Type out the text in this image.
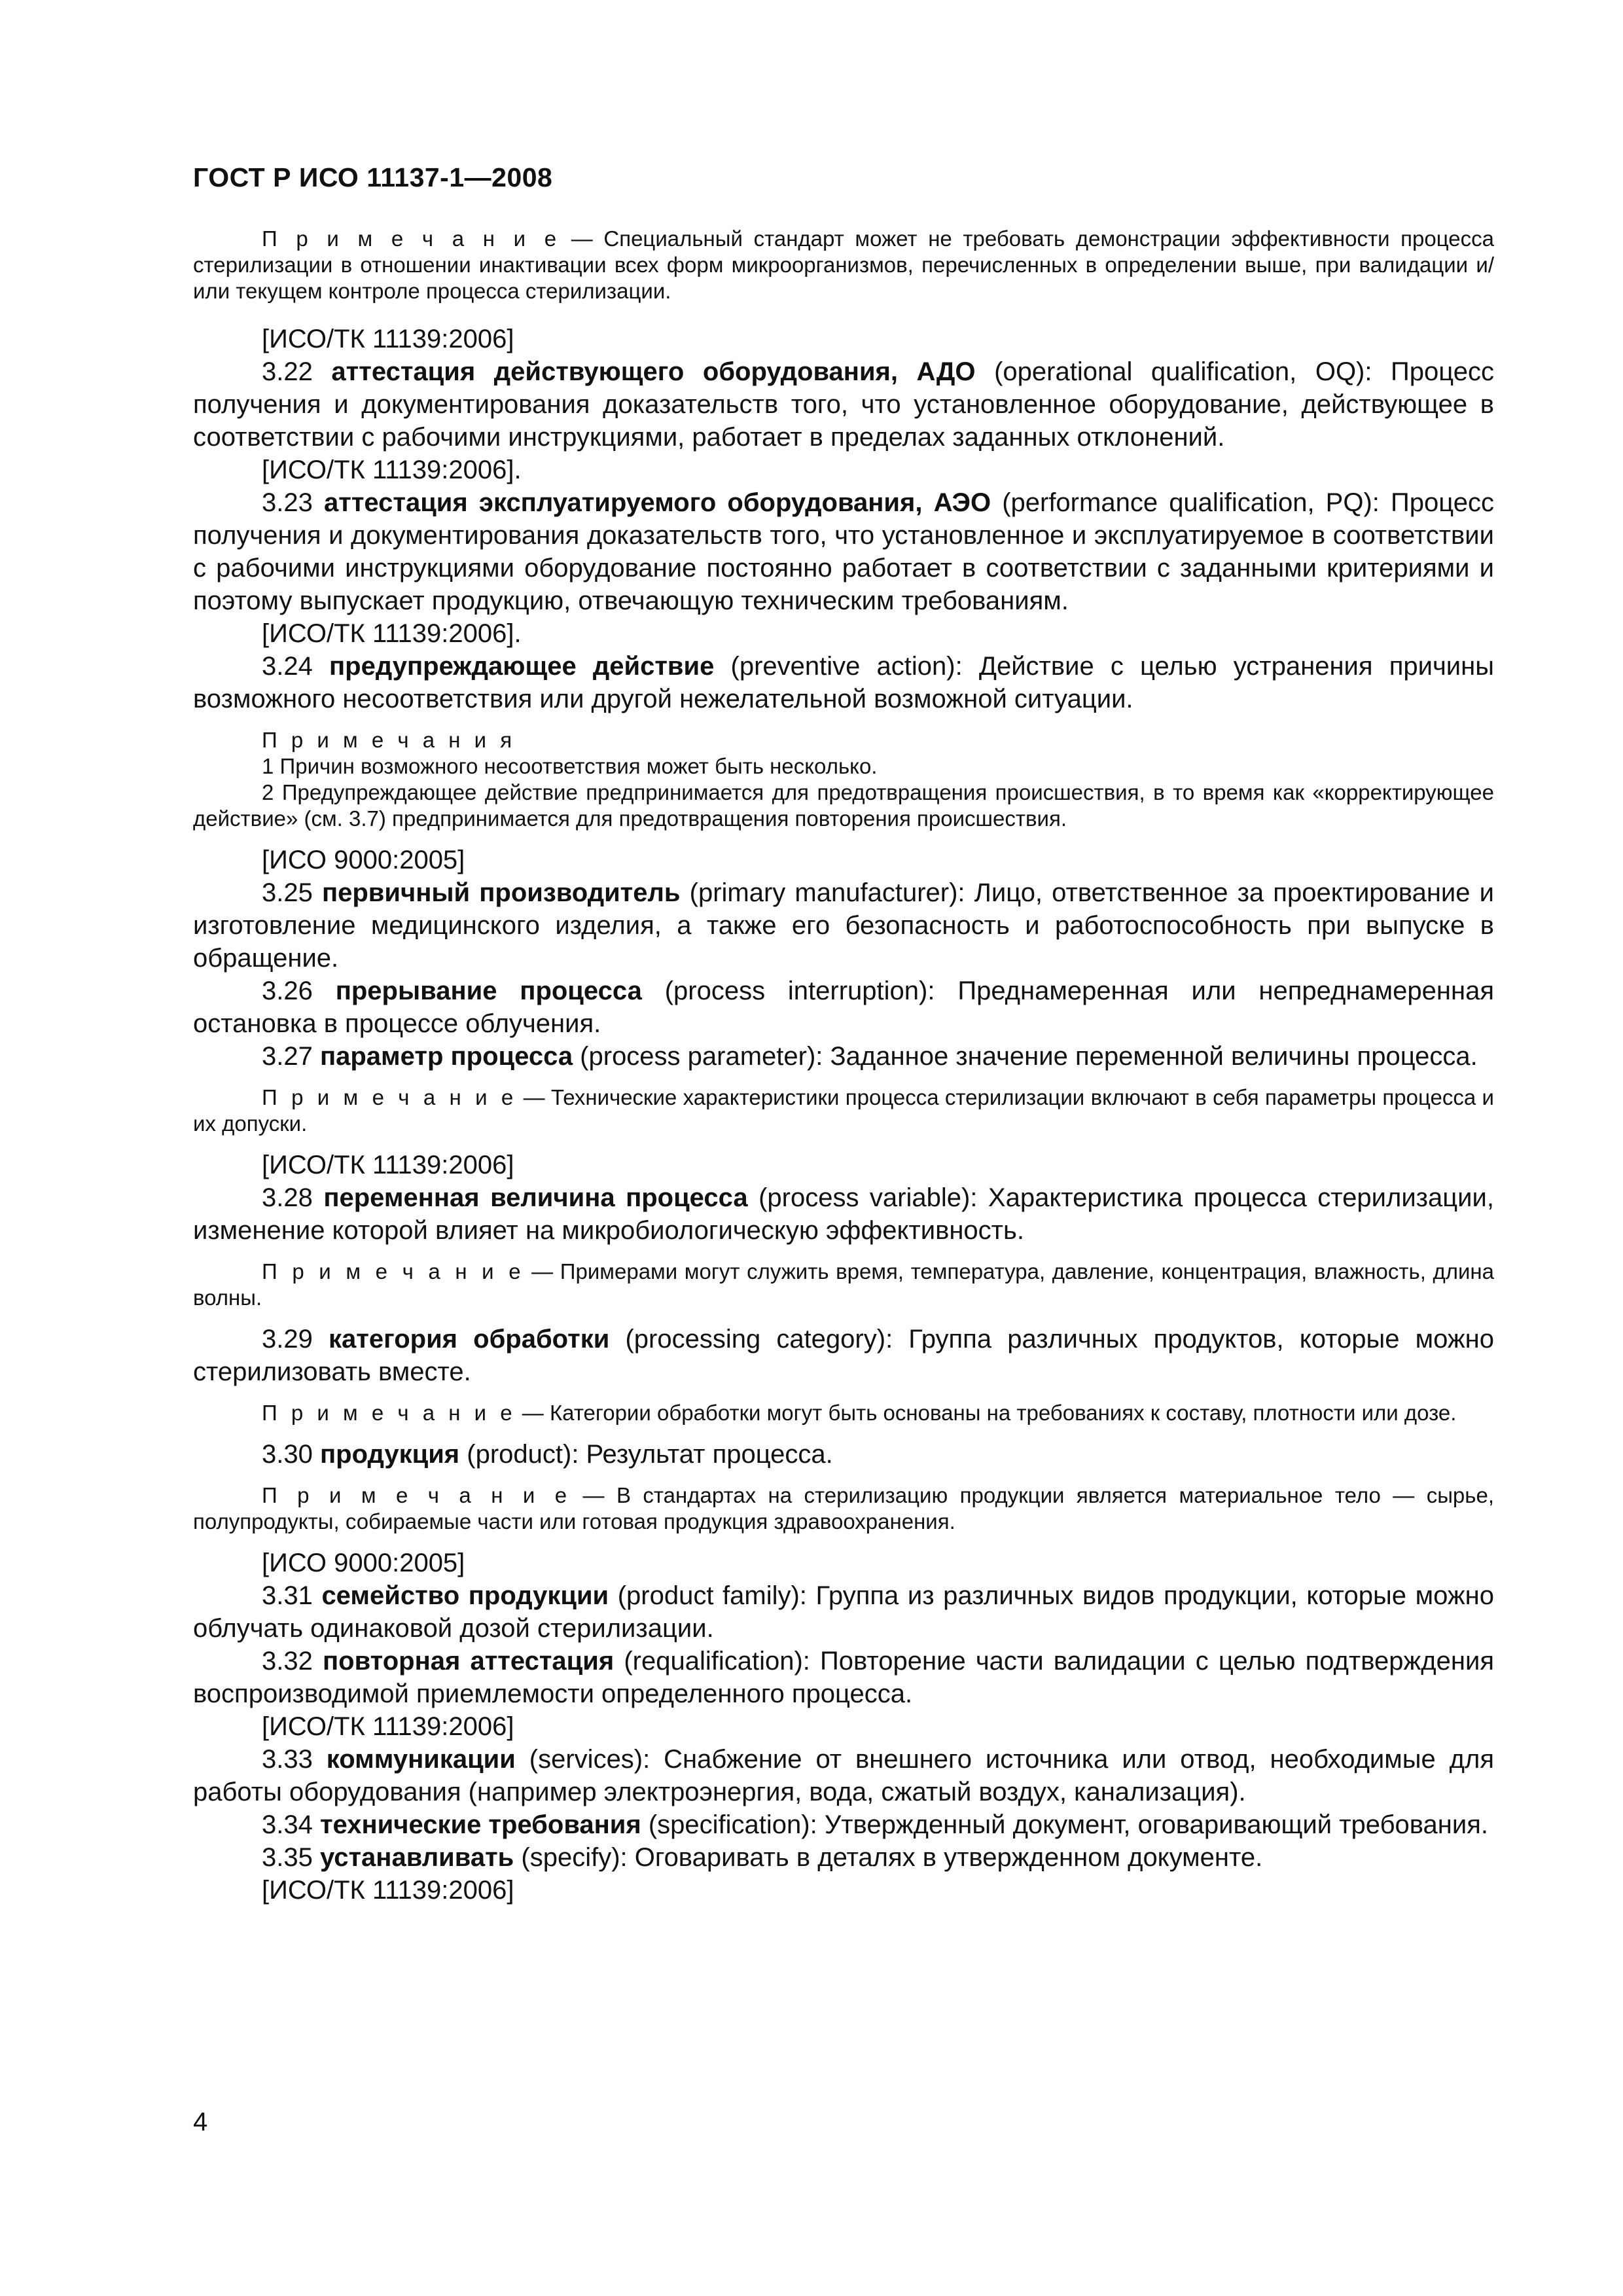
ГОСТ Р ИСО 11137-1—2008

П р и м е ч а н и е — Специальный стандарт может не требовать демонстрации эффективности процесса стерилизации в отношении инактивации всех форм микроорганизмов, перечисленных в определении выше, при валидации и/или текущем контроле процесса стерилизации.

[ИСО/ТК 11139:2006]

3.22 аттестация действующего оборудования, АДО (operational qualification, OQ): Процесс получения и документирования доказательств того, что установленное оборудование, действующее в соответствии с рабочими инструкциями, работает в пределах заданных отклонений.

[ИСО/ТК 11139:2006].

3.23 аттестация эксплуатируемого оборудования, АЭО (performance qualification, PQ): Процесс получения и документирования доказательств того, что установленное и эксплуатируемое в соответствии с рабочими инструкциями оборудование постоянно работает в соответствии с заданными критериями и поэтому выпускает продукцию, отвечающую техническим требованиям.

[ИСО/ТК 11139:2006].

3.24 предупреждающее действие (preventive action): Действие с целью устранения причины возможного несоответствия или другой нежелательной возможной ситуации.

П р и м е ч а н и я

1 Причин возможного несоответствия может быть несколько.

2 Предупреждающее действие предпринимается для предотвращения происшествия, в то время как «корректирующее действие» (см. 3.7) предпринимается для предотвращения повторения происшествия.

[ИСО 9000:2005]

3.25 первичный производитель (primary manufacturer): Лицо, ответственное за проектирование и изготовление медицинского изделия, а также его безопасность и работоспособность при выпуске в обращение.

3.26 прерывание процесса (process interruption): Преднамеренная или непреднамеренная остановка в процессе облучения.

3.27 параметр процесса (process parameter): Заданное значение переменной величины процесса.

П р и м е ч а н и е — Технические характеристики процесса стерилизации включают в себя параметры процесса и их допуски.

[ИСО/ТК 11139:2006]

3.28 переменная величина процесса (process variable): Характеристика процесса стерилизации, изменение которой влияет на микробиологическую эффективность.

П р и м е ч а н и е — Примерами могут служить время, температура, давление, концентрация, влажность, длина волны.

3.29 категория обработки (processing category): Группа различных продуктов, которые можно стерилизовать вместе.

П р и м е ч а н и е — Категории обработки могут быть основаны на требованиях к составу, плотности или дозе.

3.30 продукция (product): Результат процесса.

П р и м е ч а н и е — В стандартах на стерилизацию продукции является материальное тело — сырье, полупродукты, собираемые части или готовая продукция здравоохранения.

[ИСО 9000:2005]

3.31 семейство продукции (product family): Группа из различных видов продукции, которые можно облучать одинаковой дозой стерилизации.

3.32 повторная аттестация (requalification): Повторение части валидации с целью подтверждения воспроизводимой приемлемости определенного процесса.

[ИСО/ТК 11139:2006]

3.33 коммуникации (services): Снабжение от внешнего источника или отвод, необходимые для работы оборудования (например электроэнергия, вода, сжатый воздух, канализация).

3.34 технические требования (specification): Утвержденный документ, оговаривающий требования.

3.35 устанавливать (specify): Оговаривать в деталях в утвержденном документе.

[ИСО/ТК 11139:2006]

4
